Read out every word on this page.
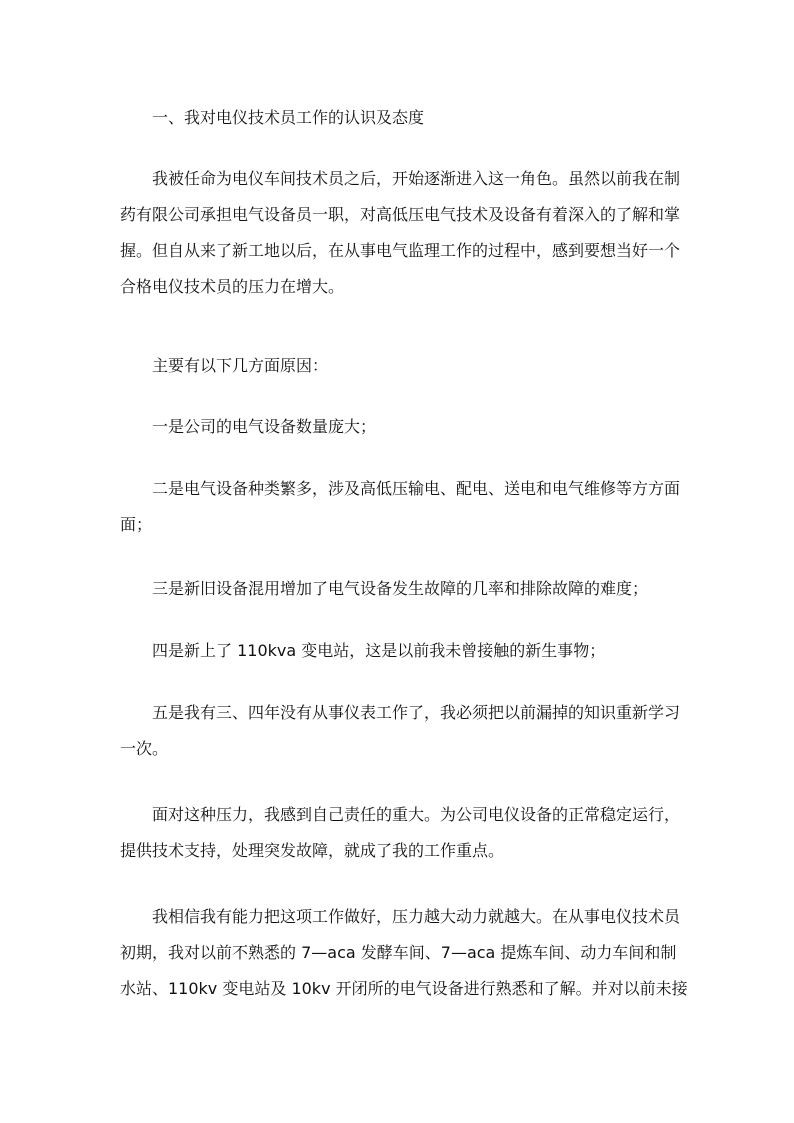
一、我对电仪技术员工作的认识及态度

我被任命为电仪车间技术员之后，开始逐渐进入这一角色。虽然以前我在制
药有限公司承担电气设备员一职，对高低压电气技术及设备有着深入的了解和掌
握。但自从来了新工地以后，在从事电气监理工作的过程中，感到要想当好一个
合格电仪技术员的压力在增大。

主要有以下几方面原因：

一是公司的电气设备数量庞大；

二是电气设备种类繁多，涉及高低压输电、配电、送电和电气维修等方方面
面；

三是新旧设备混用增加了电气设备发生故障的几率和排除故障的难度；

四是新上了 110kva 变电站，这是以前我未曾接触的新生事物；

五是我有三、四年没有从事仪表工作了，我必须把以前漏掉的知识重新学习
一次。

面对这种压力，我感到自己责任的重大。为公司电仪设备的正常稳定运行，
提供技术支持，处理突发故障，就成了我的工作重点。

我相信我有能力把这项工作做好，压力越大动力就越大。在从事电仪技术员
初期，我对以前不熟悉的 7—aca 发酵车间、7—aca 提炼车间、动力车间和制
水站、110kv 变电站及 10kv 开闭所的电气设备进行熟悉和了解。并对以前未接
